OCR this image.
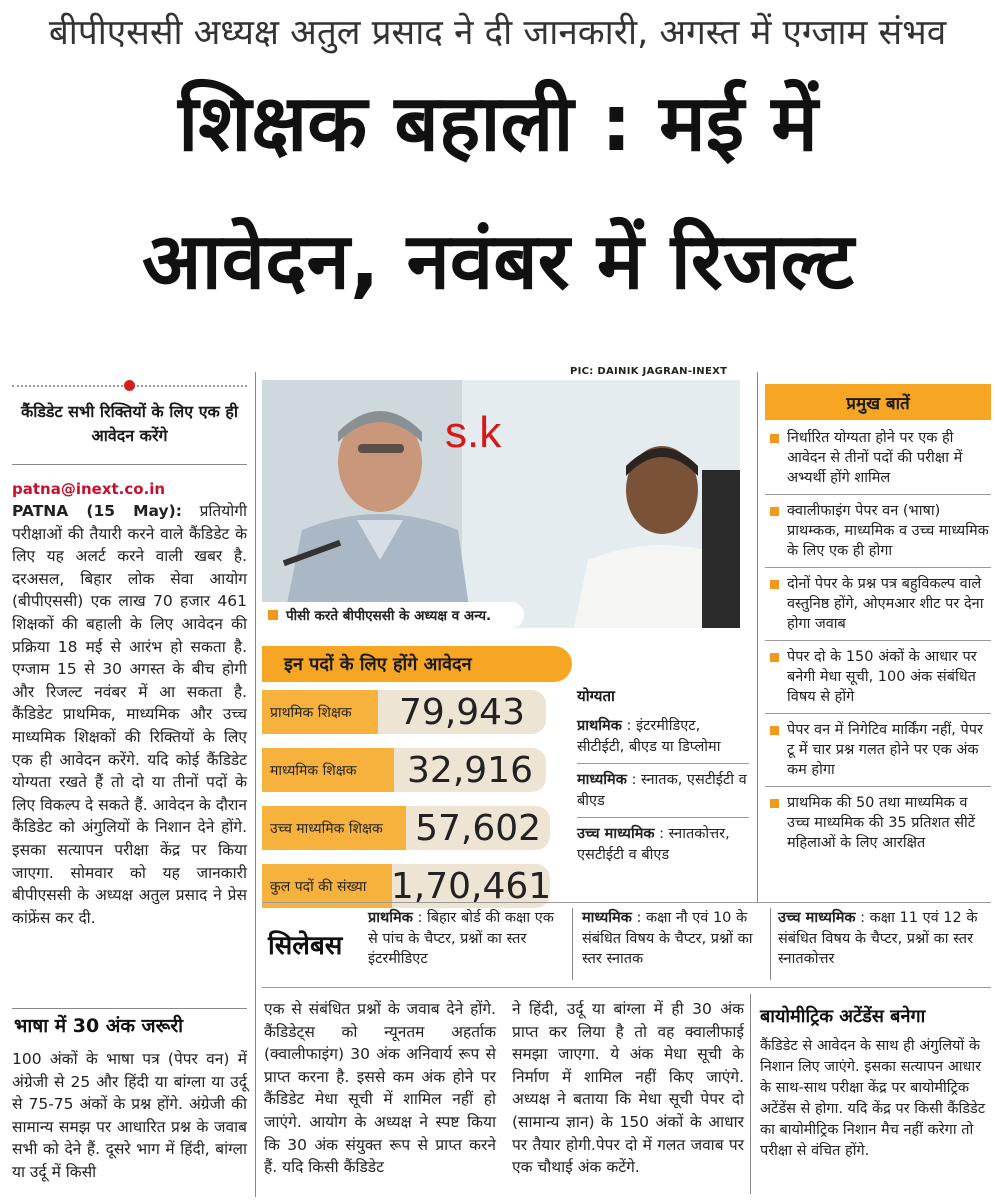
बीपीएससी अध्यक्ष अतुल प्रसाद ने दी जानकारी, अगस्त में एग्जाम संभव
शिक्षक बहाली : मई में
आवेदन, नवंबर में रिजल्ट
कैंडिडेट सभी रिक्तियों के लिए एक ही आवेदन करेंगे
patna@inext.co.in
PATNA (15 May): प्रतियोगी परीक्षाओं की तैयारी करने वाले कैंडिडेट के लिए यह अलर्ट करने वाली खबर है. दरअसल, बिहार लोक सेवा आयोग (बीपीएससी) एक लाख 70 हजार 461 शिक्षकों की बहाली के लिए आवेदन की प्रक्रिया 18 मई से आरंभ हो सकता है. एग्जाम 15 से 30 अगस्त के बीच होगी और रिजल्ट नवंबर में आ सकता है. कैंडिडेट प्राथमिक, माध्यमिक और उच्च माध्यमिक शिक्षकों की रिक्तियों के लिए एक ही आवेदन करेंगे. यदि कोई कैंडिडेट योग्यता रखते हैं तो दो या तीनों पदों के लिए विकल्प दे सकते हैं. आवेदन के दौरान कैंडिडेट को अंगुलियों के निशान देने होंगे. इसका सत्यापन परीक्षा केंद्र पर किया जाएगा. सोमवार को यह जानकारी बीपीएससी के अध्यक्ष अतुल प्रसाद ने प्रेस कांफ्रेंस कर दी.
भाषा में 30 अंक जरूरी
100 अंकों के भाषा पत्र (पेपर वन) में अंग्रेजी से 25 और हिंदी या बांग्ला या उर्दू से 75-75 अंकों के प्रश्न होंगे. अंग्रेजी की सामान्य समझ पर आधारित प्रश्न के जवाब सभी को देने हैं. दूसरे भाग में हिंदी, बांग्ला या उर्दू में किसी
PIC: DAINIK JAGRAN-INEXT
s.k
पीसी करते बीपीएससी के अध्यक्ष व अन्य.
इन पदों के लिए होंगे आवेदन
प्राथमिक शिक्षक	79,943
माध्यमिक शिक्षक	32,916
उच्च माध्यमिक शिक्षक 57,602
कुल पदों की संख्या 1,70,461
योग्यता
प्राथमिक : इंटरमीडिएट, सीटीईटी, बीएड या डिप्लोमा
माध्यमिक : स्नातक, एसटीईटी व बीएड
उच्च माध्यमिक : स्नातकोत्तर, एसटीईटी व बीएड
प्रमुख बातें
निर्धारित योग्यता होने पर एक ही आवेदन से तीनों पदों की परीक्षा में अभ्यर्थी होंगे शामिल
क्वालीफाइंग पेपर वन (भाषा) प्राथम्कक, माध्यमिक व उच्च माध्यमिक के लिए एक ही होगा
दोनों पेपर के प्रश्न पत्र बहुविकल्प वाले वस्तुनिष्ठ होंगे, ओएमआर शीट पर देना होगा जवाब
पेपर दो के 150 अंकों के आधार पर बनेगी मेधा सूची, 100 अंक संबंधित विषय से होंगे
पेपर वन में निगेटिव मार्किंग नहीं, पेपर टू में चार प्रश्न गलत होने पर एक अंक कम होगा
प्राथमिक की 50 तथा माध्यमिक व उच्च माध्यमिक की 35 प्रतिशत सीटें महिलाओं के लिए आरक्षित
सिलेबस
प्राथमिक : बिहार बोर्ड की कक्षा एक से पांच के चैप्टर, प्रश्नों का स्तर इंटरमीडिएट
माध्यमिक : कक्षा नौ एवं 10 के संबंधित विषय के चैप्टर, प्रश्नों का स्तर स्नातक
उच्च माध्यमिक : कक्षा 11 एवं 12 के संबंधित विषय के चैप्टर, प्रश्नों का स्तर स्नातकोत्तर
एक से संबंधित प्रश्नों के जवाब देने होंगे. कैंडिडेट्स को न्यूनतम अहर्ताक (क्वालीफाइंग) 30 अंक अनिवार्य रूप से प्राप्त करना है. इससे कम अंक होने पर कैंडिडेट मेधा सूची में शामिल नहीं हो जाएंगे. आयोग के अध्यक्ष ने स्पष्ट किया कि 30 अंक संयुक्त रूप से प्राप्त करने हैं. यदि किसी कैंडिडेट
ने हिंदी, उर्दू या बांग्ला में ही 30 अंक प्राप्त कर लिया है तो वह क्वालीफाई समझा जाएगा. ये अंक मेधा सूची के निर्माण में शामिल नहीं किए जाएंगे. अध्यक्ष ने बताया कि मेधा सूची पेपर दो (सामान्य ज्ञान) के 150 अंकों के आधार पर तैयार होगी.पेपर दो में गलत जवाब पर एक चौथाई अंक कटेंगे.
बायोमीट्रिक अटेंडेंस बनेगा
कैंडिडेट से आवेदन के साथ ही अंगुलियों के निशान लिए जाएंगे. इसका सत्यापन आधार के साथ-साथ परीक्षा केंद्र पर बायोमीट्रिक अटेंडेंस से होगा. यदि केंद्र पर किसी कैंडिडेट का बायोमीट्रिक निशान मैच नहीं करेगा तो परीक्षा से वंचित होंगे.
